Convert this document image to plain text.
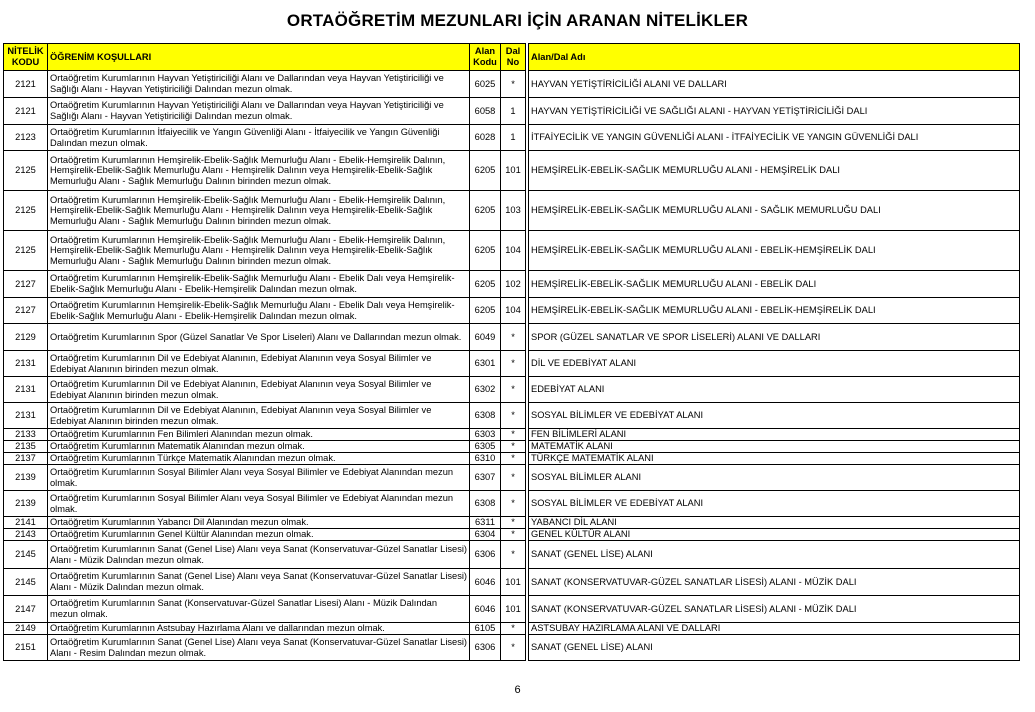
ORTAÖĞRETİM MEZUNLARI İÇİN ARANAN NİTELİKLER
NİTELİK KODU	ÖĞRENİM KOŞULLARI	Alan Kodu	Dal No		Alan/Dal Adı
2121	Ortaöğretim Kurumlarının Hayvan Yetiştiriciliği Alanı ve Dallarından veya Hayvan Yetiştiriciliği ve Sağlığı Alanı - Hayvan Yetiştiriciliği Dalından mezun olmak.	6025	*		HAYVAN YETİŞTİRİCİLİĞİ ALANI VE DALLARI
2121	Ortaöğretim Kurumlarının Hayvan Yetiştiriciliği Alanı ve Dallarından veya Hayvan Yetiştiriciliği ve Sağlığı Alanı - Hayvan Yetiştiriciliği Dalından mezun olmak.	6058	1		HAYVAN YETİŞTİRİCİLİĞİ VE SAĞLIĞI ALANI - HAYVAN YETİŞTİRİCİLİĞİ DALI
2123	Ortaöğretim Kurumlarının İtfaiyecilik ve Yangın Güvenliği Alanı - İtfaiyecilik ve Yangın Güvenliği Dalından mezun olmak.	6028	1		İTFAİYECİLİK VE YANGIN GÜVENLİĞİ ALANI - İTFAİYECİLİK VE YANGIN GÜVENLİĞİ DALI
2125	Ortaöğretim Kurumlarının Hemşirelik-Ebelik-Sağlık Memurluğu Alanı - Ebelik-Hemşirelik Dalının, Hemşirelik-Ebelik-Sağlık Memurluğu Alanı - Hemşirelik Dalının veya Hemşirelik-Ebelik-Sağlık Memurluğu Alanı - Sağlık Memurluğu Dalının birinden mezun olmak.	6205	101		HEMŞİRELİK-EBELİK-SAĞLIK MEMURLUĞU ALANI - HEMŞİRELİK DALI
2125	Ortaöğretim Kurumlarının Hemşirelik-Ebelik-Sağlık Memurluğu Alanı - Ebelik-Hemşirelik Dalının, Hemşirelik-Ebelik-Sağlık Memurluğu Alanı - Hemşirelik Dalının veya Hemşirelik-Ebelik-Sağlık Memurluğu Alanı - Sağlık Memurluğu Dalının birinden mezun olmak.	6205	103		HEMŞİRELİK-EBELİK-SAĞLIK MEMURLUĞU ALANI - SAĞLIK MEMURLUĞU DALI
2125	Ortaöğretim Kurumlarının Hemşirelik-Ebelik-Sağlık Memurluğu Alanı - Ebelik-Hemşirelik Dalının, Hemşirelik-Ebelik-Sağlık Memurluğu Alanı - Hemşirelik Dalının veya Hemşirelik-Ebelik-Sağlık Memurluğu Alanı - Sağlık Memurluğu Dalının birinden mezun olmak.	6205	104		HEMŞİRELİK-EBELİK-SAĞLIK MEMURLUĞU ALANI - EBELİK-HEMŞİRELİK DALI
2127	Ortaöğretim Kurumlarının Hemşirelik-Ebelik-Sağlık Memurluğu Alanı - Ebelik Dalı veya Hemşirelik-Ebelik-Sağlık Memurluğu Alanı - Ebelik-Hemşirelik Dalından mezun olmak.	6205	102		HEMŞİRELİK-EBELİK-SAĞLIK MEMURLUĞU ALANI - EBELİK DALI
2127	Ortaöğretim Kurumlarının Hemşirelik-Ebelik-Sağlık Memurluğu Alanı - Ebelik Dalı veya Hemşirelik-Ebelik-Sağlık Memurluğu Alanı - Ebelik-Hemşirelik Dalından mezun olmak.	6205	104		HEMŞİRELİK-EBELİK-SAĞLIK MEMURLUĞU ALANI - EBELİK-HEMŞİRELİK DALI
2129	Ortaöğretim Kurumlarının Spor (Güzel Sanatlar Ve Spor Liseleri) Alanı ve Dallarından mezun olmak.	6049	*		SPOR (GÜZEL SANATLAR VE SPOR LİSELERİ) ALANI VE DALLARI
2131	Ortaöğretim Kurumlarının Dil ve Edebiyat Alanının, Edebiyat Alanının veya Sosyal Bilimler ve Edebiyat Alanının birinden mezun olmak.	6301	*		DİL VE EDEBİYAT ALANI
2131	Ortaöğretim Kurumlarının Dil ve Edebiyat Alanının, Edebiyat Alanının veya Sosyal Bilimler ve Edebiyat Alanının birinden mezun olmak.	6302	*		EDEBİYAT ALANI
2131	Ortaöğretim Kurumlarının Dil ve Edebiyat Alanının, Edebiyat Alanının veya Sosyal Bilimler ve Edebiyat Alanının birinden mezun olmak.	6308	*		SOSYAL BİLİMLER VE EDEBİYAT ALANI
2133	Ortaöğretim Kurumlarının Fen Bilimleri Alanından mezun olmak.	6303	*		FEN BİLİMLERİ ALANI
2135	Ortaöğretim Kurumlarının Matematik Alanından mezun olmak.	6305	*		MATEMATİK ALANI
2137	Ortaöğretim Kurumlarının Türkçe Matematik Alanından mezun olmak.	6310	*		TÜRKÇE MATEMATİK ALANI
2139	Ortaöğretim Kurumlarının Sosyal Bilimler Alanı veya Sosyal Bilimler ve Edebiyat Alanından mezun olmak.	6307	*		SOSYAL BİLİMLER ALANI
2139	Ortaöğretim Kurumlarının Sosyal Bilimler Alanı veya Sosyal Bilimler ve Edebiyat Alanından mezun olmak.	6308	*		SOSYAL BİLİMLER VE EDEBİYAT ALANI
2141	Ortaöğretim Kurumlarının Yabancı Dil Alanından mezun olmak.	6311	*		YABANCI DİL ALANI
2143	Ortaöğretim Kurumlarının Genel Kültür Alanından mezun olmak.	6304	*		GENEL KÜLTÜR ALANI
2145	Ortaöğretim Kurumlarının Sanat (Genel Lise) Alanı veya Sanat (Konservatuvar-Güzel Sanatlar Lisesi) Alanı - Müzik Dalından mezun olmak.	6306	*		SANAT (GENEL LİSE) ALANI
2145	Ortaöğretim Kurumlarının Sanat (Genel Lise) Alanı veya Sanat (Konservatuvar-Güzel Sanatlar Lisesi) Alanı - Müzik Dalından mezun olmak.	6046	101		SANAT (KONSERVATUVAR-GÜZEL SANATLAR LİSESİ) ALANI - MÜZİK DALI
2147	Ortaöğretim Kurumlarının Sanat (Konservatuvar-Güzel Sanatlar Lisesi) Alanı - Müzik Dalından mezun olmak.	6046	101		SANAT (KONSERVATUVAR-GÜZEL SANATLAR LİSESİ) ALANI - MÜZİK DALI
2149	Ortaöğretim Kurumlarının Astsubay Hazırlama Alanı ve dallarından mezun olmak.	6105	*		ASTSUBAY HAZIRLAMA ALANI VE DALLARI
2151	Ortaöğretim Kurumlarının Sanat (Genel Lise) Alanı veya Sanat (Konservatuvar-Güzel Sanatlar Lisesi) Alanı - Resim Dalından mezun olmak.	6306	*		SANAT (GENEL LİSE) ALANI
6
